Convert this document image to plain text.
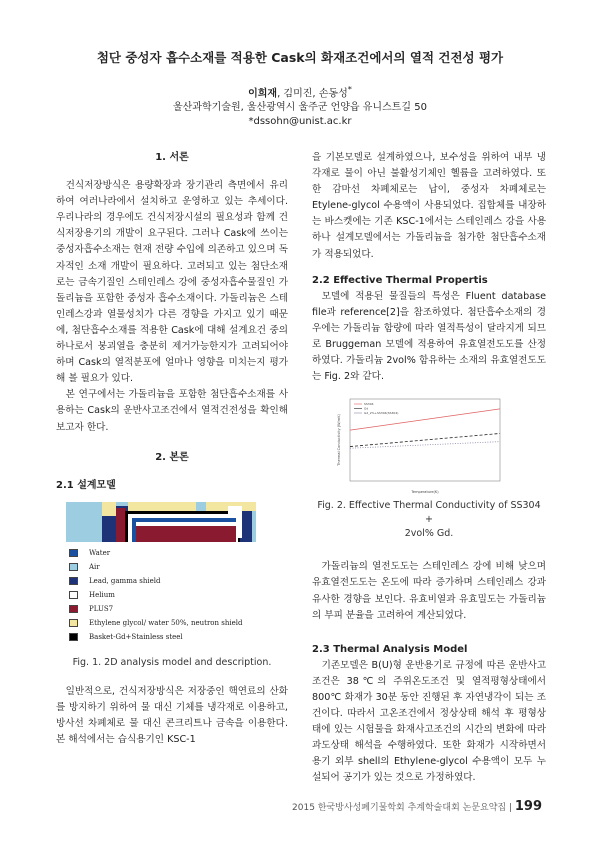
첨단 중성자 흡수소재를 적용한 Cask의 화재조건에서의 열적 건전성 평가
이희재, 김미진, 손동성*
울산과학기술원, 울산광역시 울주군 언양읍 유니스트길 50
*dssohn@unist.ac.kr
1. 서론

건식저장방식은 용량확장과 장기관리 측면에서 유리하여 여러나라에서 설치하고 운영하고 있는 추세이다. 우리나라의 경우에도 건식저장시설의 필요성과 함께 건식저장용기의 개발이 요구된다. 그러나 Cask에 쓰이는 중성자흡수소재는 현재 전량 수입에 의존하고 있으며 독자적인 소재 개발이 필요하다. 고려되고 있는 첨단소재로는 금속기질인 스테인레스 강에 중성자흡수물질인 가돌리늄을 포함한 중성자 흡수소재이다. 가돌리늄은 스테인레스강과 열물성치가 다른 경향을 가지고 있기 때문에, 첨단흡수소재를 적용한 Cask에 대해 설계요건 중의 하나로서 붕괴열을 충분히 제거가능한지가 고려되어야 하며 Cask의 열적분포에 얼마나 영향을 미치는지 평가해 볼 필요가 있다.

본 연구에서는 가돌리늄을 포함한 첨단흡수소재를 사용하는 Cask의 운반사고조건에서 열적건전성을 확인해보고자 한다.

2. 본론
2.1 설계모델
Water
Air
Lead, gamma shield
Helium
PLUS7
Ethylene glycol/ water 50%, neutron shield
Basket-Gd+Stainless steel
Fig. 1. 2D analysis model and description.

일반적으로, 건식저장방식은 저장중인 핵연료의 산화를 방지하기 위하여 물 대신 기체를 냉각재로 이용하고, 방사선 차폐체로 물 대신 콘크리트나 금속을 이용한다. 본 해석에서는 습식용기인 KSC-1

을 기본모델로 설계하였으나, 보수성을 위하여 내부 냉각재로 물이 아닌 불활성기체인 헬륨을 고려하였다. 또한 감마선 차폐체로는 납이, 중성자 차폐체로는 Etylene-glycol 수용액이 사용되었다. 집합체를 내장하는 바스켓에는 기존 KSC-1에서는 스테인레스 강을 사용하나 설계모델에서는 가돌리늄을 첨가한 첨단흡수소재가 적용되었다.

2.2 Effective Thermal Propertis

모델에 적용된 물질들의 특성은 Fluent database file과 reference[2]을 참조하였다. 첨단흡수소재의 경우에는 가돌리늄 함량에 따라 열적특성이 달라지게 되므로 Bruggeman 모델에 적용하여 유효열전도도를 산정하였다. 가돌리늄 2vol% 함유하는 소재의 유효열전도도는 Fig. 2와 같다.

SS304
Gd
Gd_2%+SS304(SS304)
Thermal Conductivity (W/mK)
Temperature(K)
Fig. 2. Effective Thermal Conductivity of SS304 +
2vol% Gd.

가돌리늄의 열전도도는 스테인레스 강에 비해 낮으며 유효열전도도는 온도에 따라 증가하며 스테인레스 강과 유사한 경향을 보인다. 유효비열과 유효밀도는 가돌리늄의 부피 분율을 고려하여 계산되었다.

2.3 Thermal Analysis Model

기존모델은 B(U)형 운반용기로 규정에 따른 운반사고조건은 38℃의 주위온도조건 및 열적평형상태에서 800℃ 화재가 30분 동안 진행된 후 자연냉각이 되는 조건이다. 따라서 고온조건에서 정상상태 해석 후 평형상태에 있는 시험물을 화재사고조건의 시간의 변화에 따라 과도상태 해석을 수행하였다. 또한 화재가 시작하면서 용기 외부 shell의 Ethylene-glycol 수용액이 모두 누설되어 공기가 있는 것으로 가정하였다.

2015 한국방사성폐기물학회 추계학술대회 논문요약집 | 199
